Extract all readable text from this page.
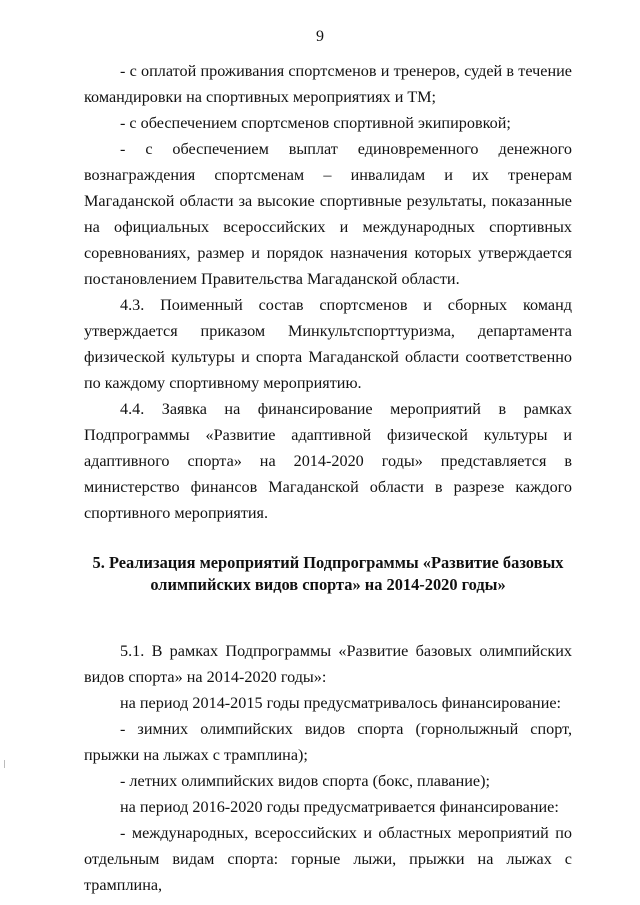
9

- с оплатой проживания спортсменов и тренеров, судей в течение командировки на спортивных мероприятиях и ТМ;

- с обеспечением спортсменов спортивной экипировкой;

- с обеспечением выплат единовременного денежного вознаграждения спортсменам – инвалидам и их тренерам Магаданской области за высокие спортивные результаты, показанные на официальных всероссийских и международных спортивных соревнованиях, размер и порядок назначения которых утверждается постановлением Правительства Магаданской области.

4.3. Поименный состав спортсменов и сборных команд утверждается приказом Минкультспорттуризма, департамента физической культуры и спорта Магаданской области соответственно по каждому спортивному мероприятию.

4.4. Заявка на финансирование мероприятий в рамках Подпрограммы «Развитие адаптивной физической культуры и адаптивного спорта» на 2014-2020 годы» представляется в министерство финансов Магаданской области в разрезе каждого спортивного мероприятия.

5. Реализация мероприятий Подпрограммы «Развитие базовых
олимпийских видов спорта» на 2014-2020 годы»

5.1. В рамках Подпрограммы «Развитие базовых олимпийских видов спорта» на 2014-2020 годы»:

на период 2014-2015 годы предусматривалось финансирование:

- зимних олимпийских видов спорта (горнолыжный спорт, прыжки на лыжах с трамплина);

- летних олимпийских видов спорта (бокс, плавание);

на период 2016-2020 годы предусматривается финансирование:

- международных, всероссийских и областных мероприятий по отдельным видам спорта: горные лыжи, прыжки на лыжах с трамплина,
